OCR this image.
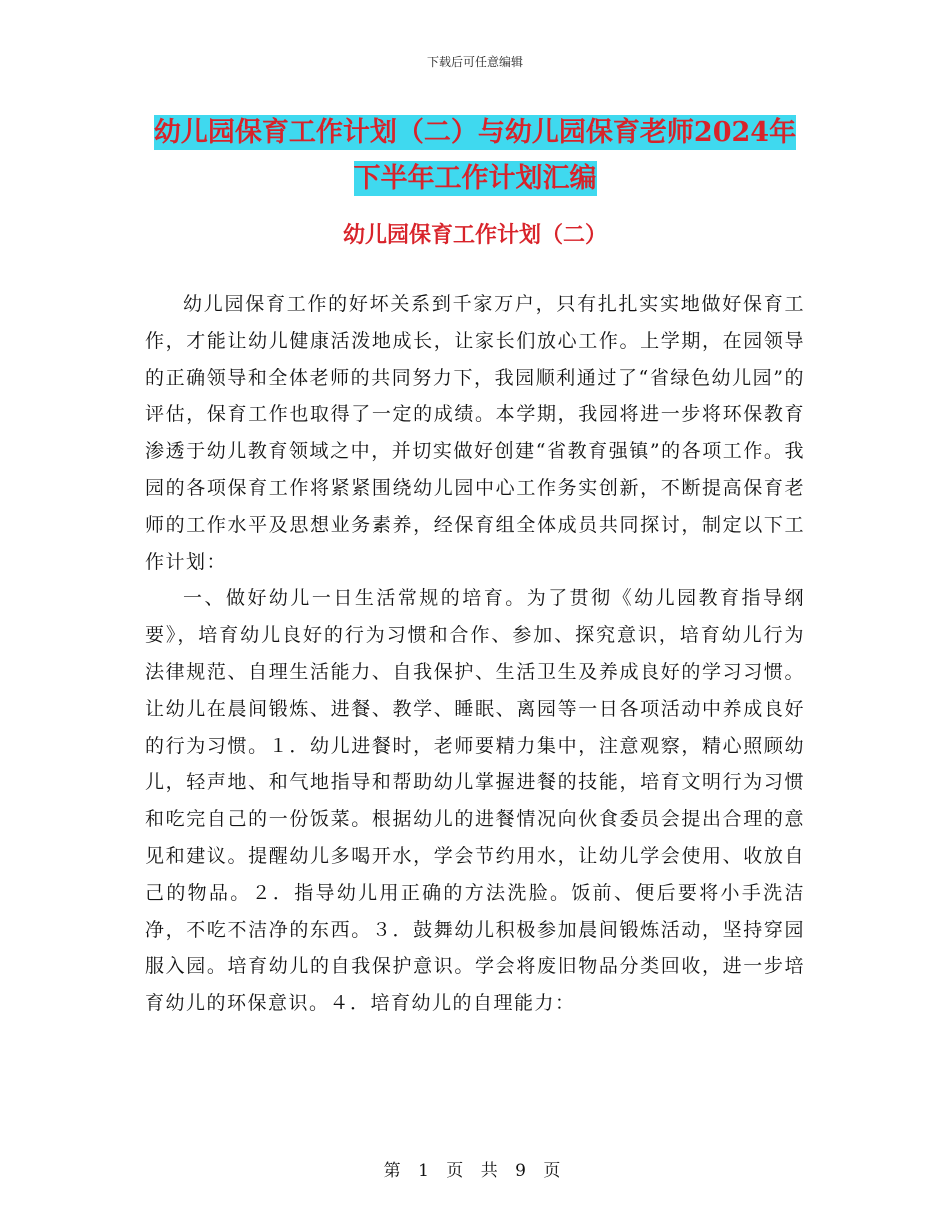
下载后可任意编辑
幼儿园保育工作计划（二）与幼儿园保育老师2024年
下半年工作计划汇编
幼儿园保育工作计划（二）

幼儿园保育工作的好坏关系到千家万户，只有扎扎实实地做好保育工作，才能让幼儿健康活泼地成长，让家长们放心工作。上学期，在园领导的正确领导和全体老师的共同努力下，我园顺利通过了“省绿色幼儿园”的评估，保育工作也取得了一定的成绩。本学期，我园将进一步将环保教育渗透于幼儿教育领域之中，并切实做好创建“省教育强镇”的各项工作。我园的各项保育工作将紧紧围绕幼儿园中心工作务实创新，不断提高保育老师的工作水平及思想业务素养，经保育组全体成员共同探讨，制定以下工作计划：

一、做好幼儿一日生活常规的培育。为了贯彻《幼儿园教育指导纲要》，培育幼儿良好的行为习惯和合作、参加、探究意识，培育幼儿行为法律规范、自理生活能力、自我保护、生活卫生及养成良好的学习习惯。让幼儿在晨间锻炼、进餐、教学、睡眠、离园等一日各项活动中养成良好的行为习惯。１．幼儿进餐时，老师要精力集中，注意观察，精心照顾幼儿，轻声地、和气地指导和帮助幼儿掌握进餐的技能，培育文明行为习惯和吃完自己的一份饭菜。根据幼儿的进餐情况向伙食委员会提出合理的意见和建议。提醒幼儿多喝开水，学会节约用水，让幼儿学会使用、收放自己的物品。２．指导幼儿用正确的方法洗脸。饭前、便后要将小手洗洁净，不吃不洁净的东西。３．鼓舞幼儿积极参加晨间锻炼活动，坚持穿园服入园。培育幼儿的自我保护意识。学会将废旧物品分类回收，进一步培育幼儿的环保意识。４．培育幼儿的自理能力：

第 1 页 共 9 页
